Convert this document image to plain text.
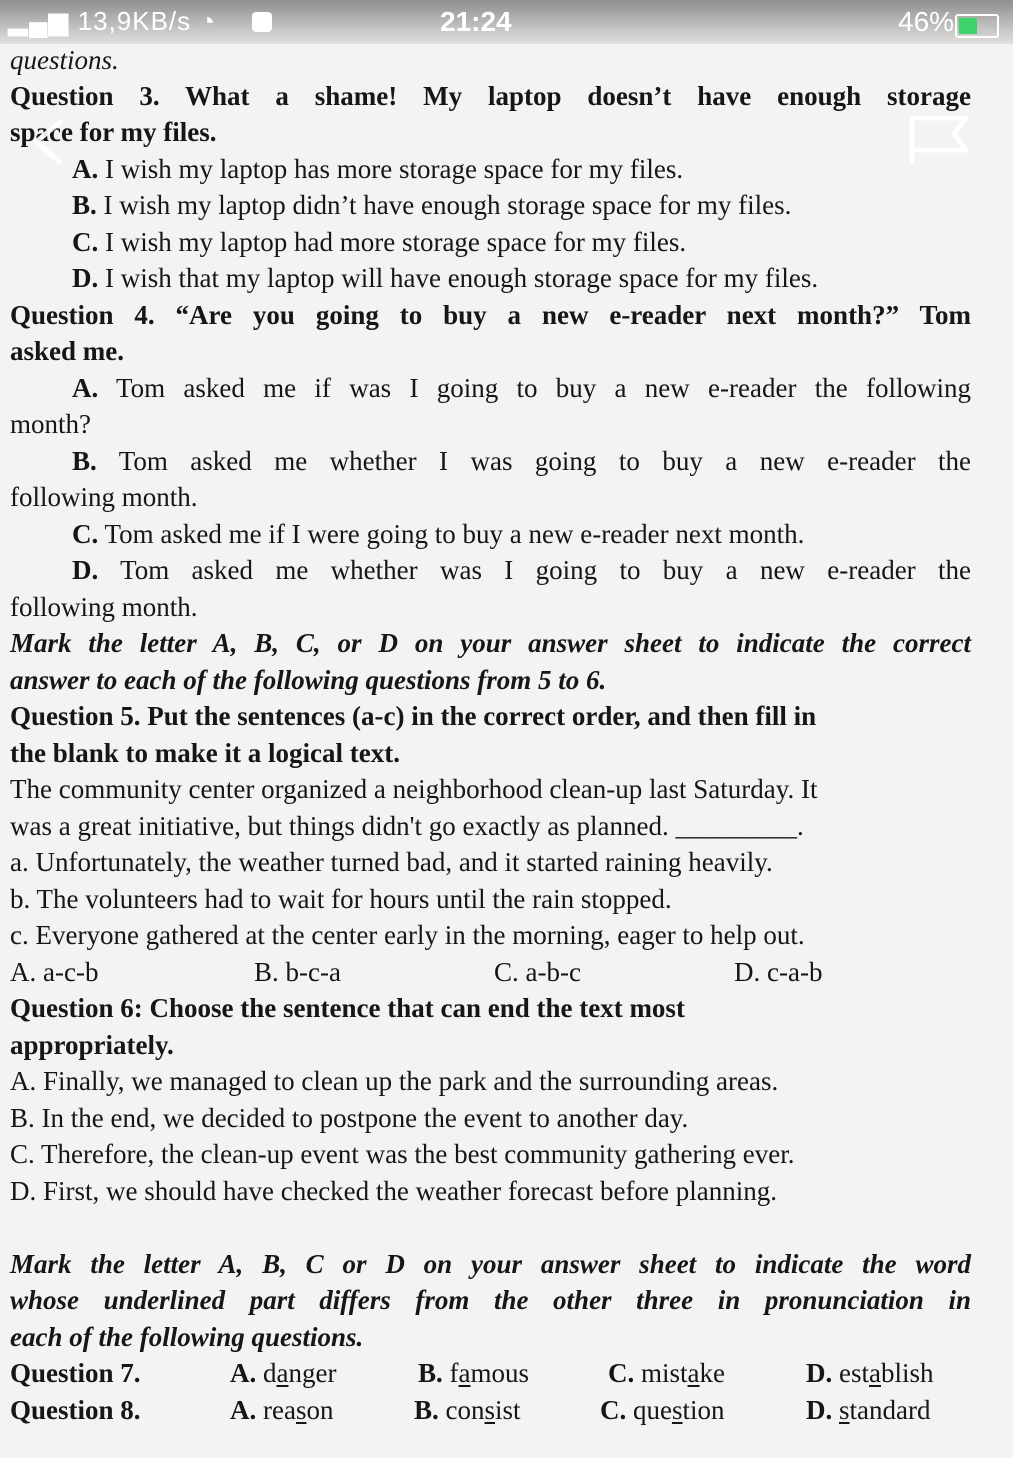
questions.
Question 3. What a shame! My laptop doesn’t have enough storage
space for my files.
A. I wish my laptop has more storage space for my files.
B. I wish my laptop didn’t have enough storage space for my files.
C. I wish my laptop had more storage space for my files.
D. I wish that my laptop will have enough storage space for my files.
Question 4. “Are you going to buy a new e-reader next month?” Tom
asked me.
A. Tom asked me if was I going to buy a new e-reader the following
month?
B. Tom asked me whether I was going to buy a new e-reader the
following month.
C. Tom asked me if I were going to buy a new e-reader next month.
D. Tom asked me whether was I going to buy a new e-reader the
following month.
Mark the letter A, B, C, or D on your answer sheet to indicate the correct
answer to each of the following questions from 5 to 6.
Question 5. Put the sentences (a-c) in the correct order, and then fill in
the blank to make it a logical text.
The community center organized a neighborhood clean-up last Saturday. It
was a great initiative, but things didn't go exactly as planned. _________.
a. Unfortunately, the weather turned bad, and it started raining heavily.
b. The volunteers had to wait for hours until the rain stopped.
c. Everyone gathered at the center early in the morning, eager to help out.
A. a-c-b	B. b-c-a	C. a-b-c	D. c-a-b
Question 6: Choose the sentence that can end the text most
appropriately.
A. Finally, we managed to clean up the park and the surrounding areas.
B. In the end, we decided to postpone the event to another day.
C. Therefore, the clean-up event was the best community gathering ever.
D. First, we should have checked the weather forecast before planning.
Mark the letter A, B, C or D on your answer sheet to indicate the word
whose underlined part differs from the other three in pronunciation in
each of the following questions.
Question 7.	A. danger	B. famous	C. mistake	D. establish
Question 8.	A. reason	B. consist	C. question	D. standard
▂▄▆ 13,9KB/s ◔	21:24	46%
